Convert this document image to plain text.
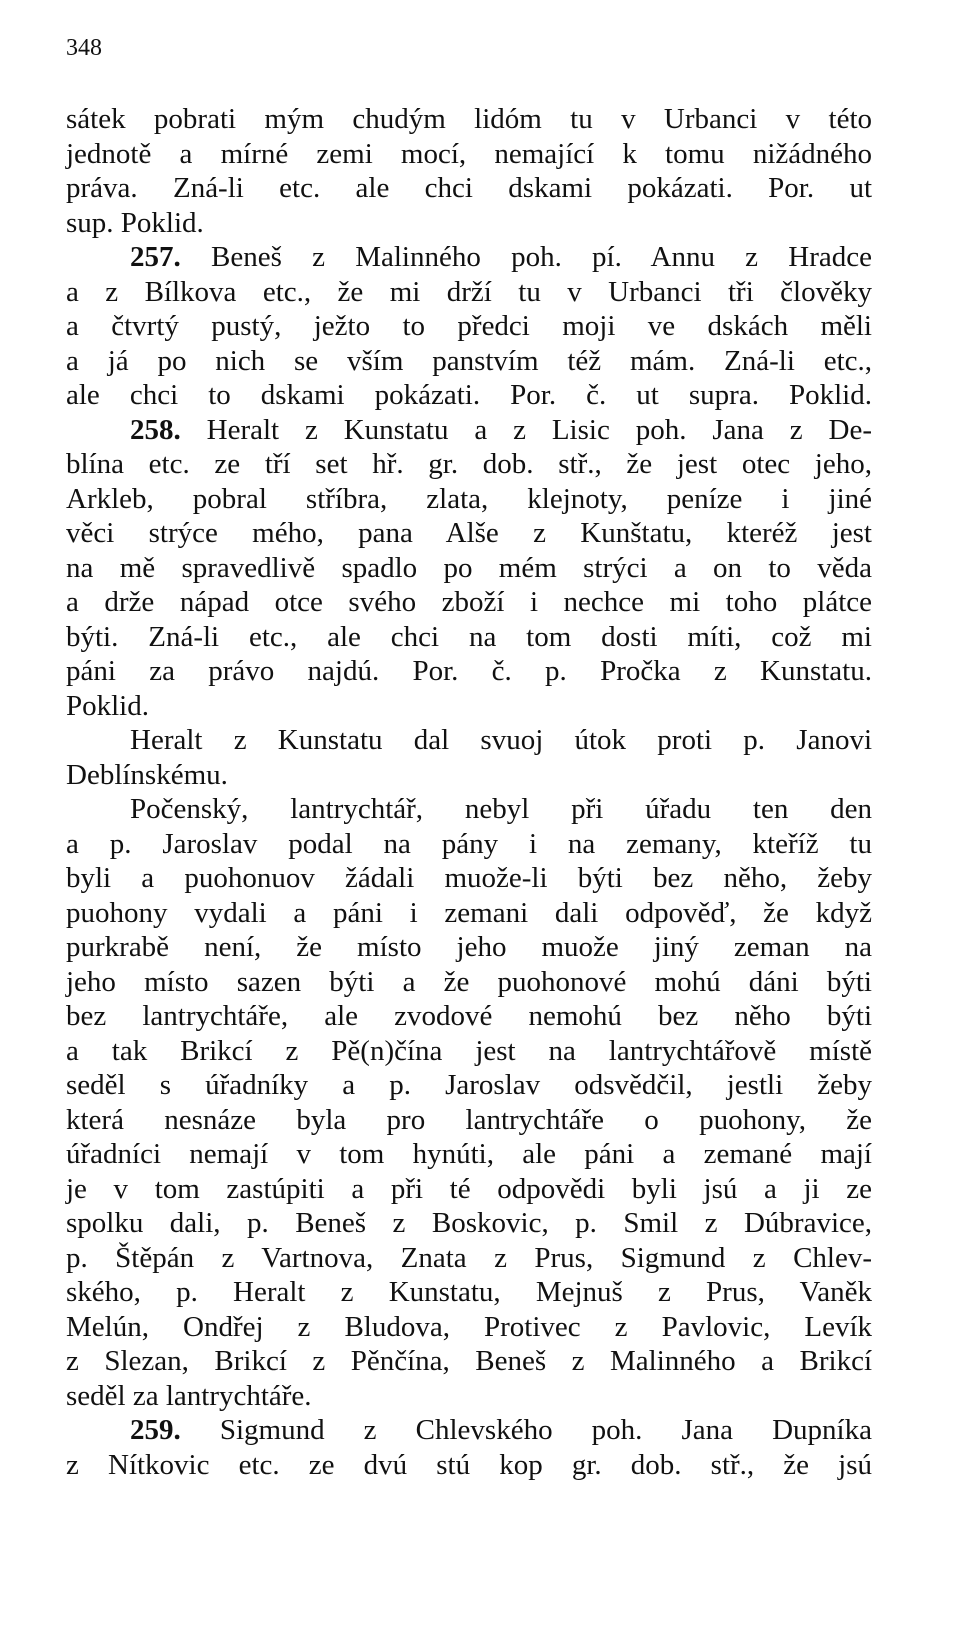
348
sátek pobrati mým chudým lidóm tu v Urbanci v této
jednotě a mírné zemi mocí, nemající k tomu nižádného
práva. Zná-li etc. ale chci dskami pokázati. Por. ut
sup. Poklid.
257. Beneš z Malinného poh. pí. Annu z Hradce
a z Bílkova etc., že mi drží tu v Urbanci tři člověky
a čtvrtý pustý, ježto to předci moji ve dskách měli
a já po nich se vším panstvím též mám. Zná-li etc.,
ale chci to dskami pokázati. Por. č. ut supra. Poklid.
258. Heralt z Kunstatu a z Lisic poh. Jana z De-
blína etc. ze tří set hř. gr. dob. stř., že jest otec jeho,
Arkleb, pobral stříbra, zlata, klejnoty, peníze i jiné
věci strýce mého, pana Alše z Kunštatu, kteréž jest
na mě spravedlivě spadlo po mém strýci a on to věda
a drže nápad otce svého zboží i nechce mi toho plátce
býti. Zná-li etc., ale chci na tom dosti míti, což mi
páni za právo najdú. Por. č. p. Pročka z Kunstatu.
Poklid.
Heralt z Kunstatu dal svuoj útok proti p. Janovi
Deblínskému.
Počenský, lantrychtář, nebyl při úřadu ten den
a p. Jaroslav podal na pány i na zemany, kteříž tu
byli a puohonuov žádali muože-li býti bez něho, žeby
puohony vydali a páni i zemani dali odpověď, že když
purkrabě není, že místo jeho muože jiný zeman na
jeho místo sazen býti a že puohonové mohú dáni býti
bez lantrychtáře, ale zvodové nemohú bez něho býti
a tak Brikcí z Pě(n)čína jest na lantrychtářově místě
seděl s úřadníky a p. Jaroslav odsvědčil, jestli žeby
která nesnáze byla pro lantrychtáře o puohony, že
úřadníci nemají v tom hynúti, ale páni a zemané mají
je v tom zastúpiti a při té odpovědi byli jsú a ji ze
spolku dali, p. Beneš z Boskovic, p. Smil z Dúbravice,
p. Štěpán z Vartnova, Znata z Prus, Sigmund z Chlev-
ského, p. Heralt z Kunstatu, Mejnuš z Prus, Vaněk
Melún, Ondřej z Bludova, Protivec z Pavlovic, Levík
z Slezan, Brikcí z Pěnčína, Beneš z Malinného a Brikcí
seděl za lantrychtáře.
259. Sigmund z Chlevského poh. Jana Dupníka
z Nítkovic etc. ze dvú stú kop gr. dob. stř., že jsú
